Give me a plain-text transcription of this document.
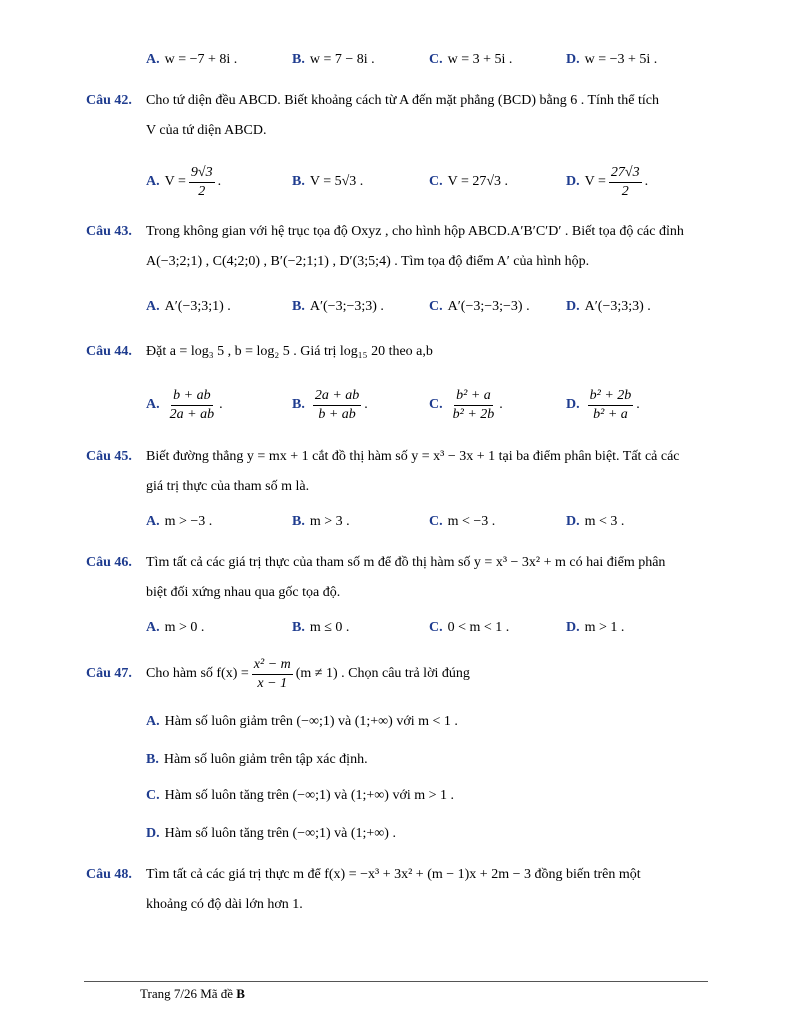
A. w = −7 + 8i .	B. w = 7 − 8i .	C. w = 3 + 5i .	D. w = −3 + 5i .
Câu 42. Cho tứ diện đều ABCD. Biết khoảng cách từ A đến mặt phẳng (BCD) bằng 6 . Tính thể tích
V của tứ diện ABCD.
A. $V = \frac{9√3}{2}$ .	B. V = 5√3 .	C. V = 27√3 .	D. $V = \frac{27√3}{2}$ .
Câu 43. Trong không gian với hệ trục tọa độ Oxyz , cho hình hộp ABCD.A′B′C′D′ . Biết tọa độ các đỉnh
A(−3;2;1) , C(4;2;0) , B′(−2;1;1) , D′(3;5;4) . Tìm tọa độ điểm A′ của hình hộp.
A. A′(−3;3;1) .	B. A′(−3;−3;3) .	C. A′(−3;−3;−3) .	D. A′(−3;3;3) .
Câu 44. Đặt a = log₃ 5 , b = log₂ 5 . Giá trị log₁₅ 20 theo a,b
A. $\frac{b + ab}{2a + ab}$ .	B. $\frac{2a + ab}{b + ab}$ .	C. $\frac{\text{b² + a}}{\text{b² + 2b}}$ .	D. $\frac{\text{b² + 2b}}{\text{b² + a}}$ .
Câu 45. Biết đường thẳng y = mx + 1 cắt đồ thị hàm số y = x³ − 3x + 1 tại ba điểm phân biệt. Tất cả các
giá trị thực của tham số m là.
A. m > −3 .	B. m > 3 .	C. m < −3 .	D. m < 3 .
Câu 46. Tìm tất cả các giá trị thực của tham số m để đồ thị hàm số y = x³ − 3x² + m có hai điểm phân
biệt đối xứng nhau qua gốc tọa độ.
A. m > 0 .	B. m ≤ 0 .	C. 0 < m < 1 .	D. m > 1 .
Câu 47. Cho hàm số $f(x) = \frac{\text{x² − m}}{x - 1} (m \ne 1)$ . Chọn câu trả lời đúng
A. Hàm số luôn giảm trên (−∞;1) và (1;+∞) với m < 1 .
B. Hàm số luôn giảm trên tập xác định.
C. Hàm số luôn tăng trên (−∞;1) và (1;+∞) với m > 1 .
D. Hàm số luôn tăng trên (−∞;1) và (1;+∞) .
Câu 48. Tìm tất cả các giá trị thực m để f(x) = −x³ + 3x² + (m − 1)x + 2m − 3 đồng biến trên một
khoảng có độ dài lớn hơn 1.
Trang 7/26 Mã đề B
